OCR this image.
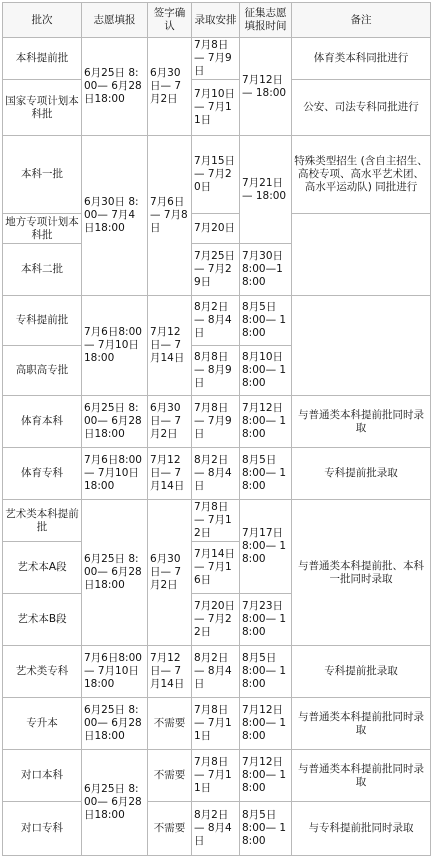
批次	志愿填报	签字确认	录取安排	征集志愿填报时间	备注
本科提前批	6月25日 8:00— 6月28日18:00	6月30日— 7月2日	7月8日— 7月9日	7月12日— 18:00	体育类本科同批进行
国家专项计划本科批			7月10日— 7月11日		公安、司法专科同批进行
本科一批	6月30日 8:00— 7月4日18:00	7月6日— 7月8日	7月15日— 7月20日	7月21日— 18:00	特殊类型招生 (含自主招生、高校专项、高水平艺术团、高水平运动队) 同批进行
地方专项计划本科批			7月20日		
本科二批			7月25日— 7月29日	7月30日 8:00—18:00	
专科提前批	7月6日8:00— 7月10日18:00	7月12日— 7月14日	8月2日— 8月4日	8月5日 8:00— 18:00	
高职高专批			8月8日— 8月9日	8月10日 8:00— 18:00	
体育本科	6月25日 8:00— 6月28日18:00	6月30日— 7月2日	7月8日— 7月9日	7月12日 8:00— 18:00	与普通类本科提前批同时录取
体育专科	7月6日8:00— 7月10日18:00	7月12日— 7月14日	8月2日— 8月4日	8月5日 8:00— 18:00	专科提前批录取
艺术类本科提前批	6月25日 8:00— 6月28日18:00	6月30日— 7月2日	7月8日— 7月12日	7月17日 8:00— 18:00	与普通类本科提前批、本科一批同时录取
艺术本A段			7月14日— 7月16日		
艺术本B段			7月20日— 7月22日	7月23日 8:00— 18:00	
艺术类专科	7月6日8:00— 7月10日18:00	7月12日— 7月14日	8月2日— 8月4日	8月5日 8:00— 18:00	专科提前批录取
专升本	6月25日 8:00— 6月28日18:00	不需要	7月8日— 7月11日	7月12日 8:00— 18:00	与普通类本科提前批同时录取
对口本科	6月25日 8:00— 6月28日18:00	不需要	7月8日— 7月11日	7月12日 8:00— 18:00	与普通类本科提前批同时录取
对口专科		不需要	8月2日— 8月4日	8月5日 8:00— 18:00	与专科提前批同时录取
